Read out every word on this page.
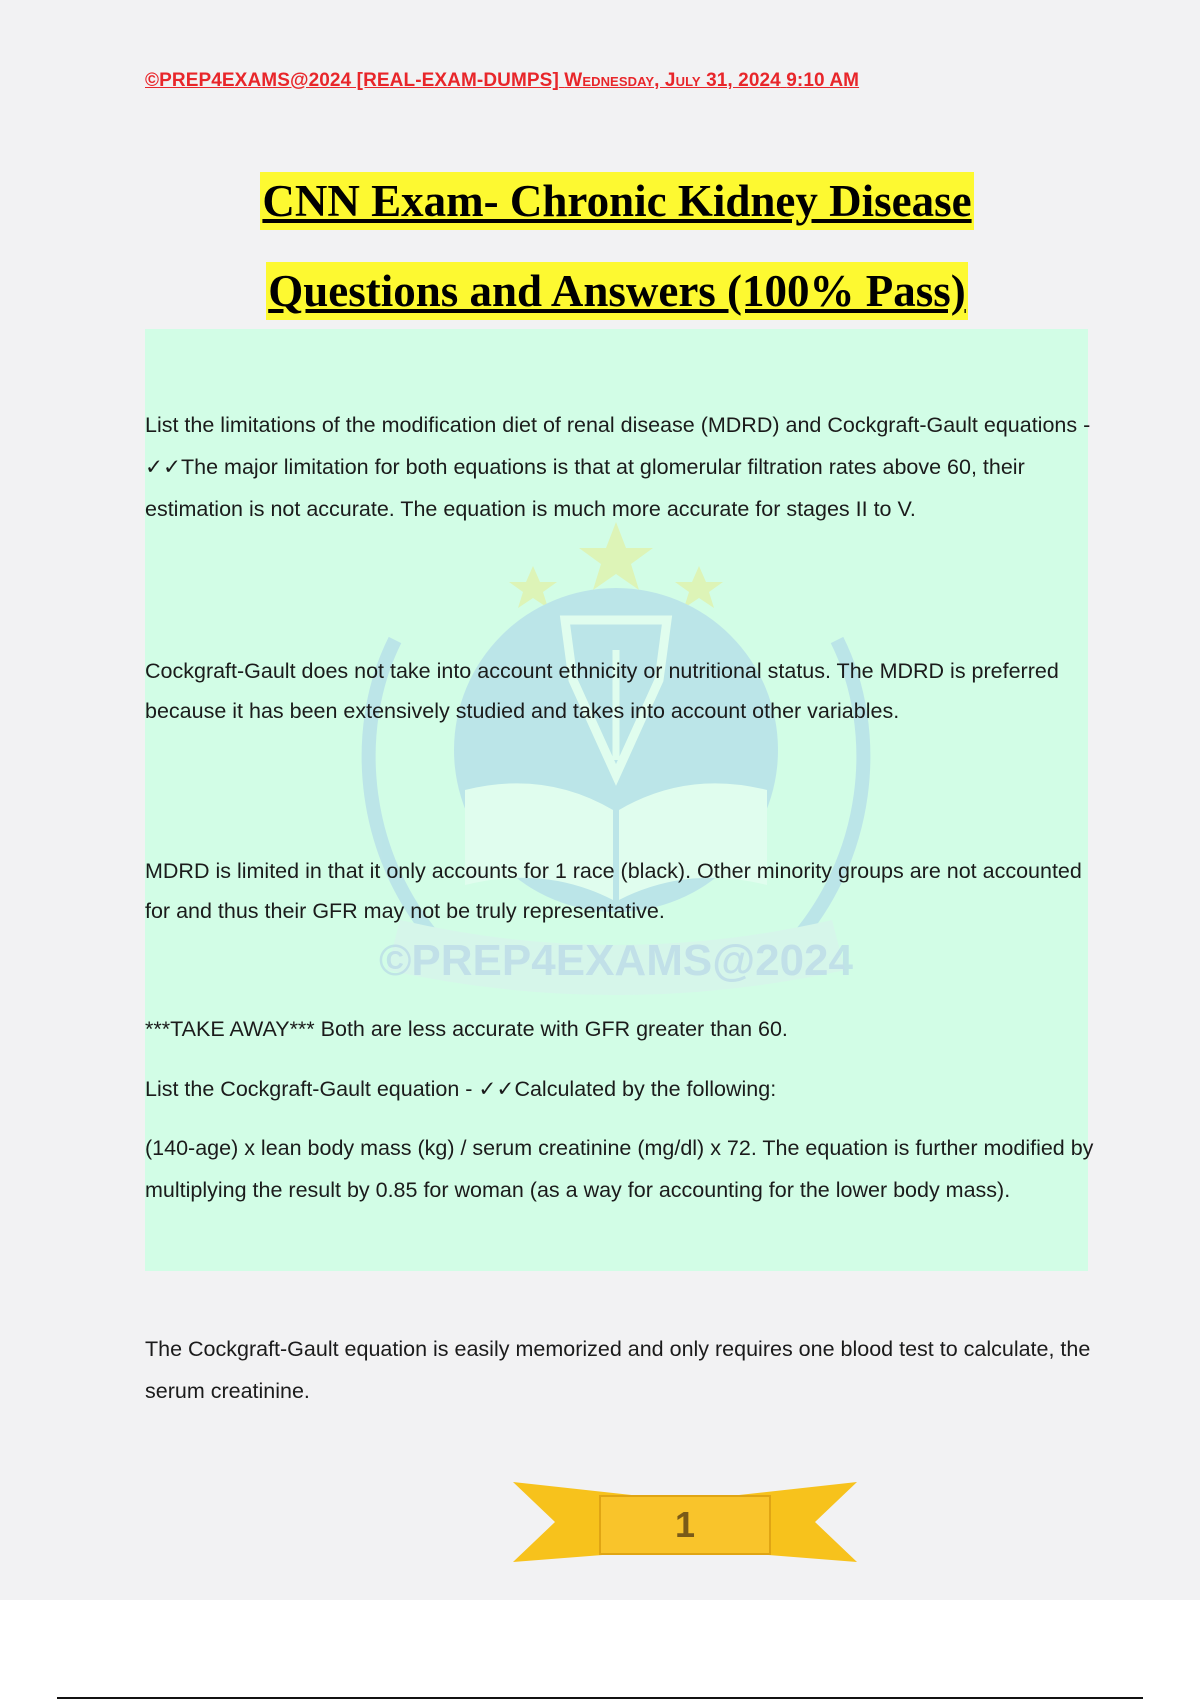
©PREP4EXAMS@2024 [REAL-EXAM-DUMPS] Wednesday, July 31, 2024 9:10 AM
CNN Exam- Chronic Kidney Disease
Questions and Answers (100% Pass)
©PREP4EXAMS@2024
List the limitations of the modification diet of renal disease (MDRD) and Cockgraft-Gault equations - ✓✓The major limitation for both equations is that at glomerular filtration rates above 60, their estimation is not accurate. The equation is much more accurate for stages II to V.
Cockgraft-Gault does not take into account ethnicity or nutritional status. The MDRD is preferred because it has been extensively studied and takes into account other variables.
MDRD is limited in that it only accounts for 1 race (black). Other minority groups are not accounted for and thus their GFR may not be truly representative.
***TAKE AWAY*** Both are less accurate with GFR greater than 60.
List the Cockgraft-Gault equation - ✓✓Calculated by the following:
(140-age) x lean body mass (kg) / serum creatinine (mg/dl) x 72. The equation is further modified by multiplying the result by 0.85 for woman (as a way for accounting for the lower body mass).
The Cockgraft-Gault equation is easily memorized and only requires one blood test to calculate, the serum creatinine.
1
